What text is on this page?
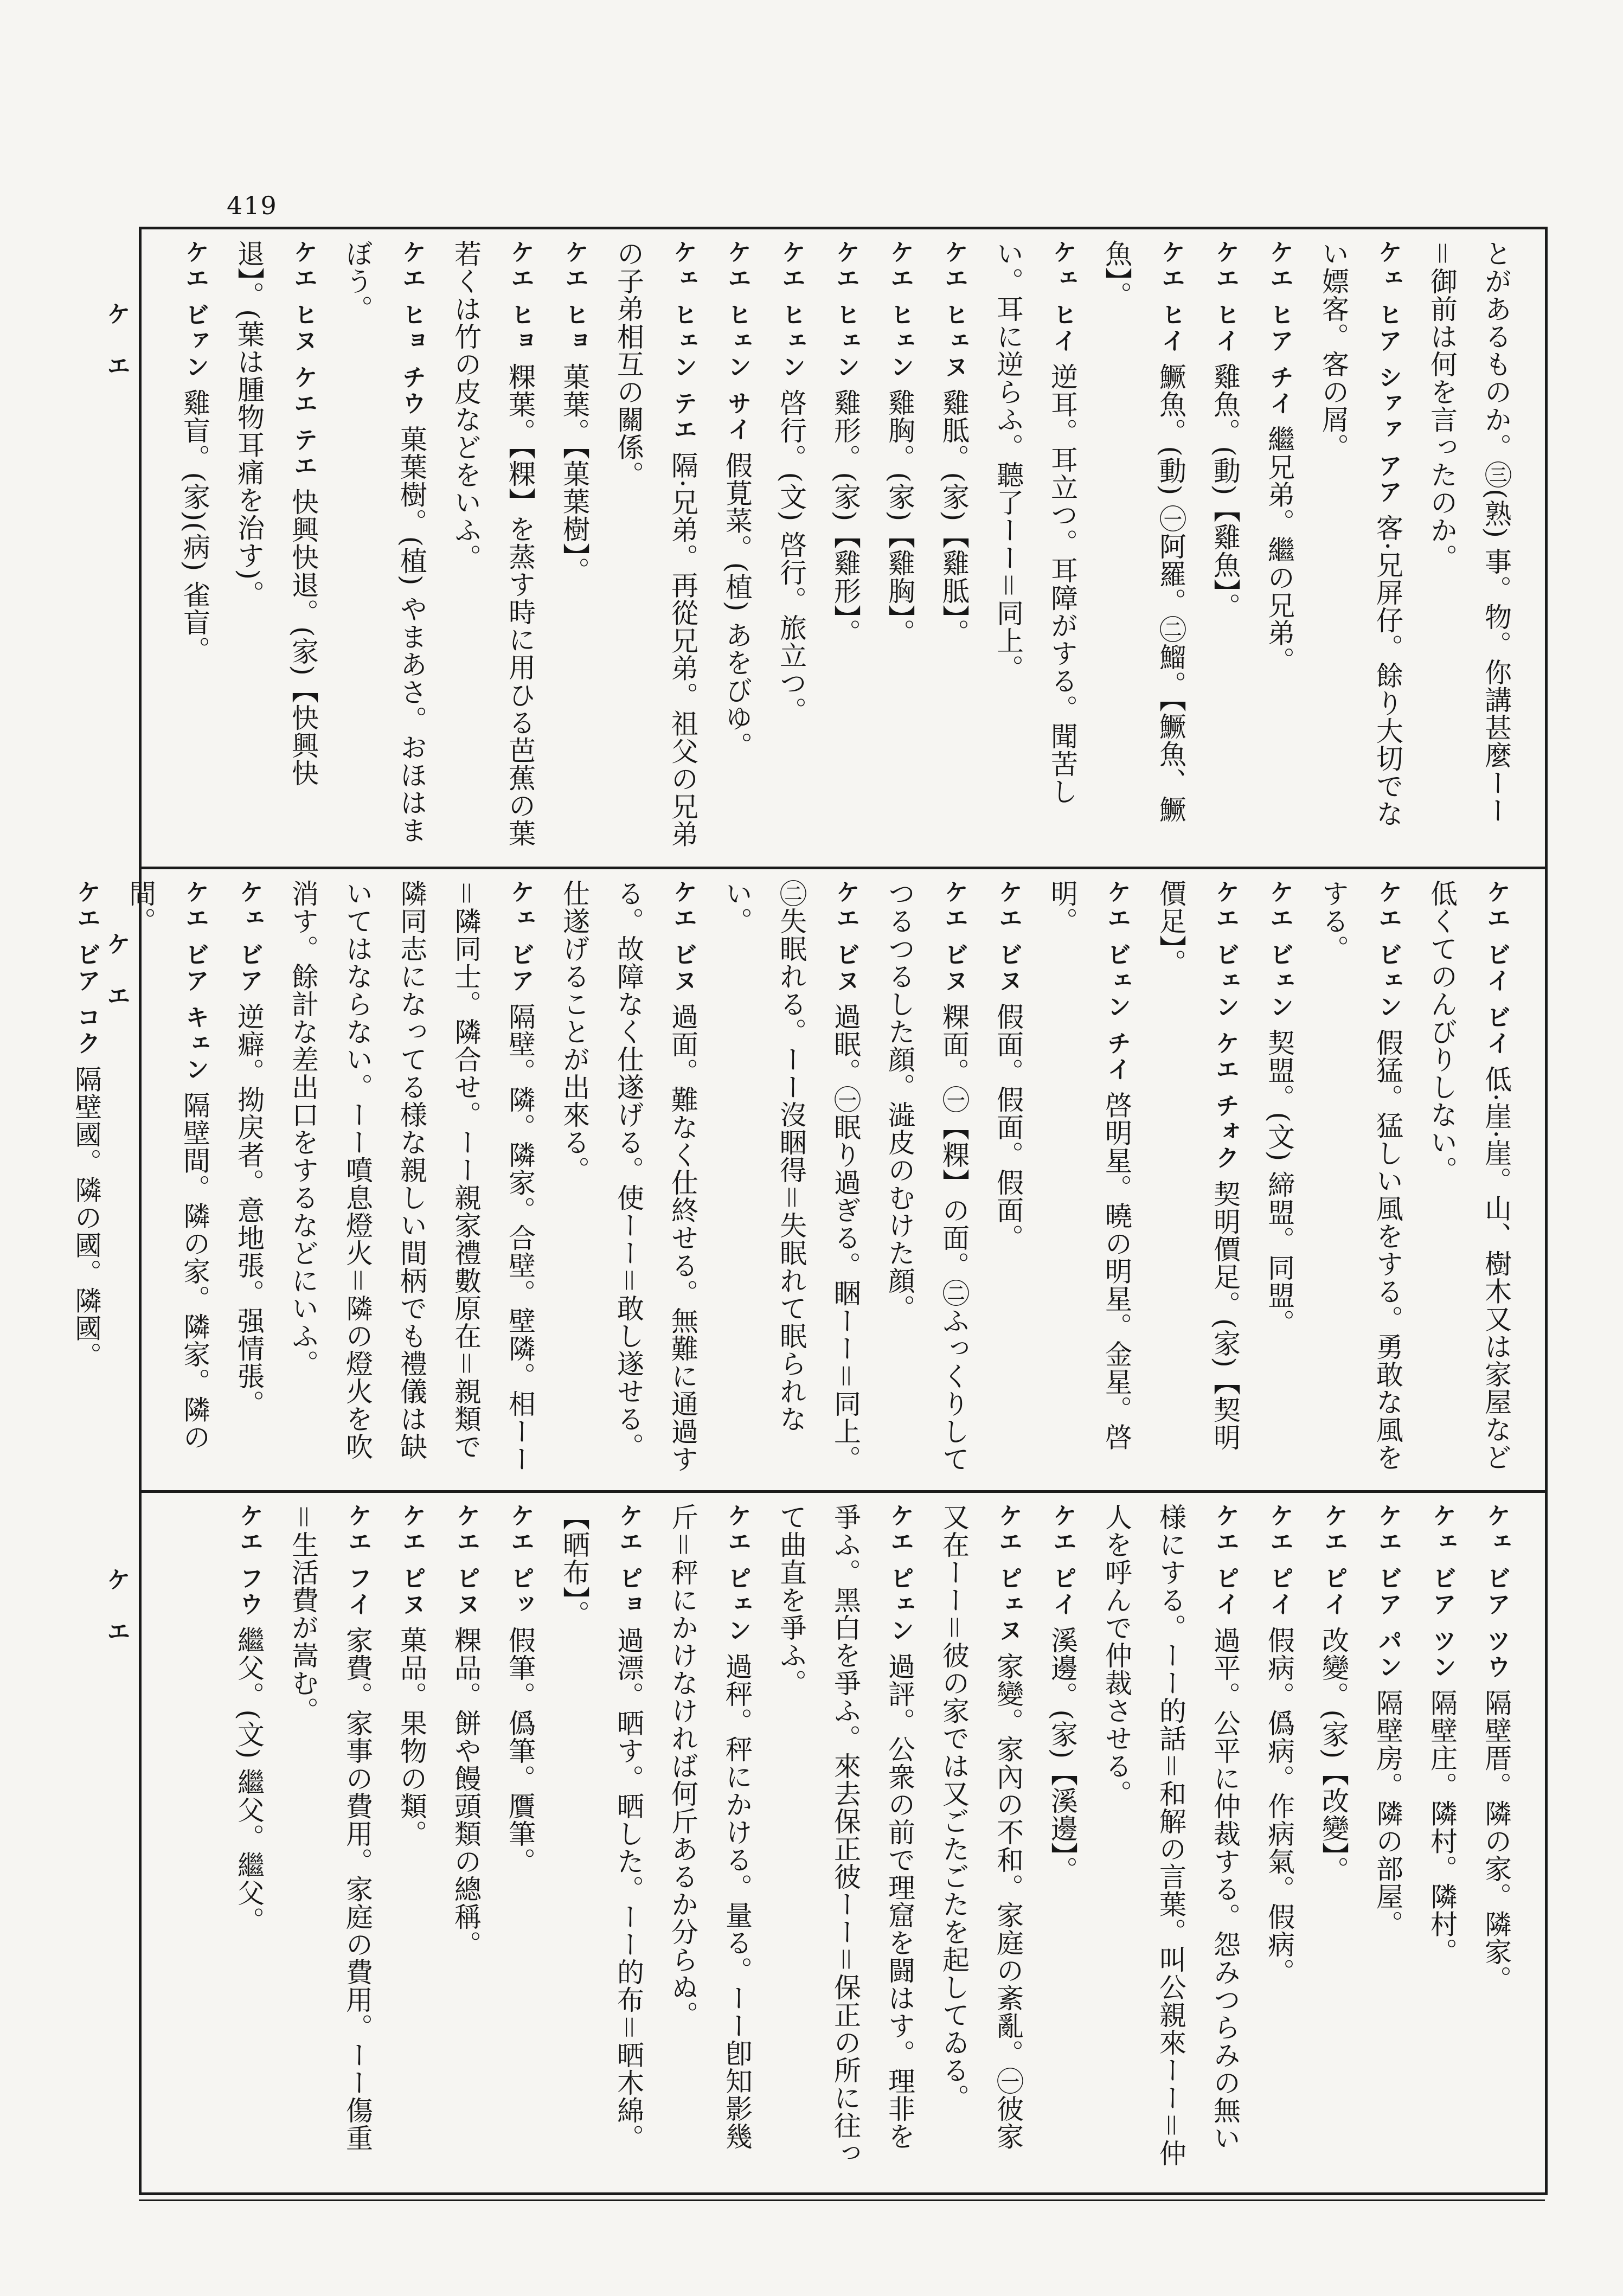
419
ケ エ
ケ エ
ケ エ

とがあるものか。㊂(熟) 事。物。你講甚麼ーー ＝御前は何を言ったのか。

ケェ ヒア シァァ アア 客·兄屏仔。餘り大切でない嫖客。客の屑。

ケエ ヒア チイ 繼兄弟。繼の兄弟。

ケエ ヒイ 雞魚。(動)【雞魚】。

ケエ ヒイ 鱖魚。(動) ㊀阿羅。㊁鰡。【鱖魚、鱖魚】。

ケェ ヒイ 逆耳。耳立つ。耳障がする。聞苦しい。耳に逆らふ。聽了ーー＝同上。

ケエ ヒェヌ 雞胝。(家)【雞胝】。

ケエ ヒェン 雞胸。(家)【雞胸】。

ケエ ヒェン 雞形。(家)【雞形】。

ケエ ヒェン 啓行。(文) 啓行。旅立つ。

ケエ ヒェン サイ 假莧菜。(植) あをびゆ。

ケェ ヒェン テエ 隔·兄弟。再從兄弟。祖父の兄弟の子弟相互の關係。

ケエ ヒョ 菓葉。【菓葉樹】。

ケエ ヒョ 粿葉。【粿】を蒸す時に用ひる芭蕉の葉若くは竹の皮などをいふ。

ケエ ヒョ チウ 菓葉樹。(植) やまあさ。おほはまぼう。

ケエ ヒヌ ケエ テエ 快興快退。(家)【快興快退】。(葉は腫物耳痛を治す)。

ケエ ビァン 雞盲。(家)(病) 雀盲。

ケエ ビイ ビイ 低·崖·崖。山、樹木又は家屋など低くてのんびりしない。

ケエ ビェン 假猛。猛しい風をする。勇敢な風をする。

ケエ ビェン 契盟。(文) 締盟。同盟。

ケエ ビェン ケエ チォク 契明價足。(家)【契明價足】。

ケエ ビェン チイ 啓明星。曉の明星。金星。啓明。

ケエ ビヌ 假面。假面。假面。

ケエ ビヌ 粿面。㊀【粿】の面。㊁ふっくりしてつるつるした顔。澁皮のむけた顔。

ケエ ビヌ 過眠。㊀眠り過ぎる。睏ーー＝同上。㊁失眠れる。ーー沒睏得＝失眠れて眠られない。

ケエ ビヌ 過面。難なく仕終せる。無難に通過する。故障なく仕遂げる。使ーー＝敢し遂せる。仕遂げることが出來る。

ケェ ビア 隔壁。隣。隣家。合壁。壁隣。相ーー＝隣同士。隣合せ。ーー親家禮數原在＝親類で隣同志になってる様な親しい間柄でも禮儀は缺いてはならない。ーー噴息燈火＝隣の燈火を吹消す。餘計な差出口をするなどにいふ。

ケェ ビア 逆癖。拗戻者。意地張。强情張。

ケエ ビア キェン 隔壁間。隣の家。隣家。隣の間。

ケエ ビア コク 隔壁國。隣の國。隣國。

ケェ ビア ツウ 隔壁厝。隣の家。隣家。

ケェ ビア ツン 隔壁庄。隣村。隣村。

ケエ ビア パン 隔壁房。隣の部屋。

ケエ ピイ 改變。(家)【改變】。

ケエ ピイ 假病。僞病。作病氣。假病。

ケエ ピイ 過平。公平に仲裁する。怨みつらみの無い様にする。ーー的話＝和解の言葉。叫公親來ーー＝仲人を呼んで仲裁させる。

ケエ ピイ 溪邊。(家)【溪邊】。

ケエ ピェヌ 家變。家內の不和。家庭の紊亂。㊀彼家又在ーー＝彼の家では又ごたごたを起してゐる。

ケエ ピェン 過評。公衆の前で理窟を闘はす。理非を爭ふ。黑白を爭ふ。來去保正彼ーー＝保正の所に往って曲直を爭ふ。

ケエ ピェン 過秤。秤にかける。量る。ーー卽知影幾斤＝秤にかけなければ何斤あるか分らぬ。

ケエ ピョ 過漂。晒す。晒した。ーー的布＝晒木綿。【晒布】。

ケエ ピッ 假筆。僞筆。贋筆。

ケエ ピヌ 粿品。餅や饅頭類の總稱。

ケエ ピヌ 菓品。果物の類。

ケエ フイ 家費。家事の費用。家庭の費用。ーー傷重＝生活費が嵩む。

ケエ フウ 繼父。(文) 繼父。繼父。
